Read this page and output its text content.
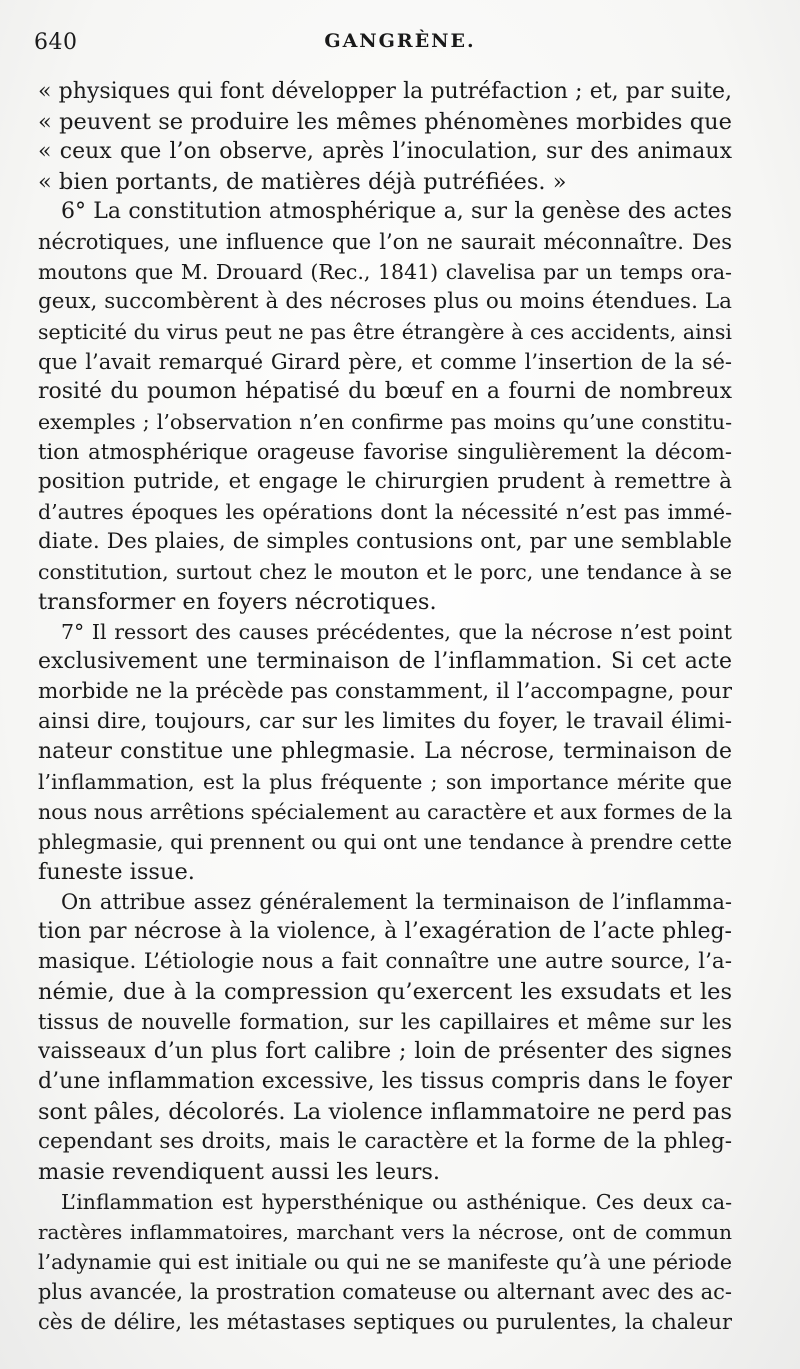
640	GANGRÈNE.
« physiques qui font développer la putréfaction ; et, par suite,
« peuvent se produire les mêmes phénomènes morbides que
« ceux que l’on observe, après l’inoculation, sur des animaux
« bien portants, de matières déjà putréfiées. »
6° La constitution atmosphérique a, sur la genèse des actes
nécrotiques, une influence que l’on ne saurait méconnaître. Des
moutons que M. Drouard (Rec., 1841) clavelisa par un temps ora-
geux, succombèrent à des nécroses plus ou moins étendues. La
septicité du virus peut ne pas être étrangère à ces accidents, ainsi
que l’avait remarqué Girard père, et comme l’insertion de la sé-
rosité du poumon hépatisé du bœuf en a fourni de nombreux
exemples ; l’observation n’en confirme pas moins qu’une constitu-
tion atmosphérique orageuse favorise singulièrement la décom-
position putride, et engage le chirurgien prudent à remettre à
d’autres époques les opérations dont la nécessité n’est pas immé-
diate. Des plaies, de simples contusions ont, par une semblable
constitution, surtout chez le mouton et le porc, une tendance à se
transformer en foyers nécrotiques.
7° Il ressort des causes précédentes, que la nécrose n’est point
exclusivement une terminaison de l’inflammation. Si cet acte
morbide ne la précède pas constamment, il l’accompagne, pour
ainsi dire, toujours, car sur les limites du foyer, le travail élimi-
nateur constitue une phlegmasie. La nécrose, terminaison de
l’inflammation, est la plus fréquente ; son importance mérite que
nous nous arrêtions spécialement au caractère et aux formes de la
phlegmasie, qui prennent ou qui ont une tendance à prendre cette
funeste issue.
On attribue assez généralement la terminaison de l’inflamma-
tion par nécrose à la violence, à l’exagération de l’acte phleg-
masique. L’étiologie nous a fait connaître une autre source, l’a-
némie, due à la compression qu’exercent les exsudats et les
tissus de nouvelle formation, sur les capillaires et même sur les
vaisseaux d’un plus fort calibre ; loin de présenter des signes
d’une inflammation excessive, les tissus compris dans le foyer
sont pâles, décolorés. La violence inflammatoire ne perd pas
cependant ses droits, mais le caractère et la forme de la phleg-
masie revendiquent aussi les leurs.
L’inflammation est hypersthénique ou asthénique. Ces deux ca-
ractères inflammatoires, marchant vers la nécrose, ont de commun
l’adynamie qui est initiale ou qui ne se manifeste qu’à une période
plus avancée, la prostration comateuse ou alternant avec des ac-
cès de délire, les métastases septiques ou purulentes, la chaleur
